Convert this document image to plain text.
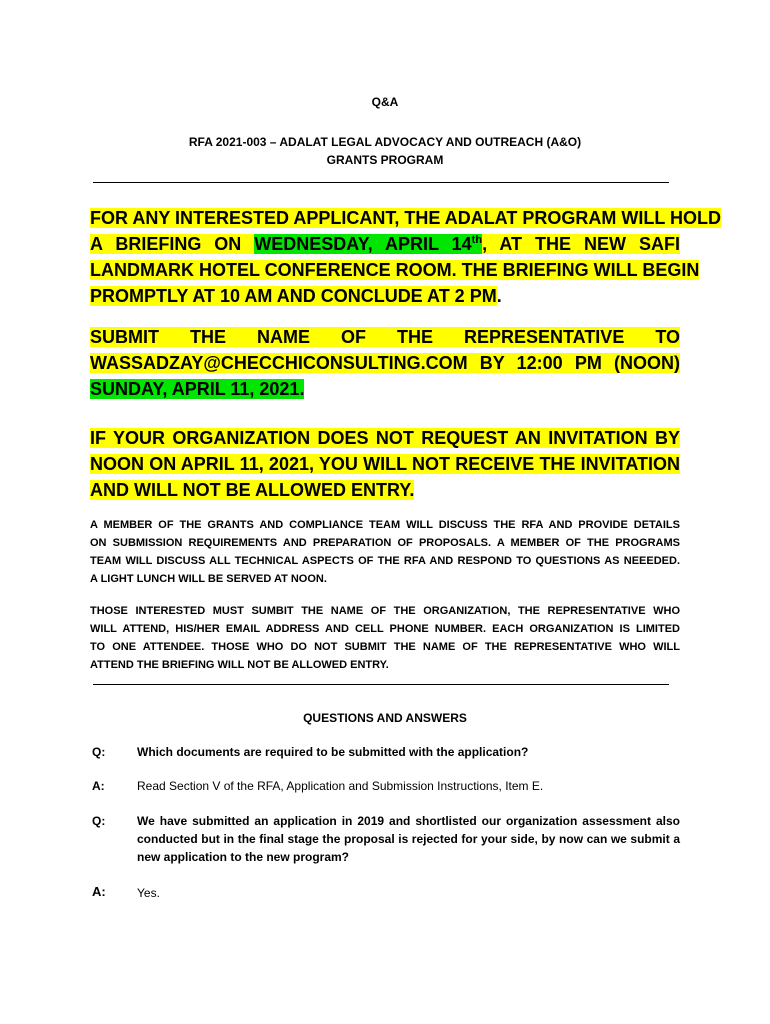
Q&A
RFA 2021-003 – ADALAT LEGAL ADVOCACY AND OUTREACH (A&O)
GRANTS PROGRAM
FOR ANY INTERESTED APPLICANT, THE ADALAT PROGRAM WILL HOLD
A BRIEFING ON WEDNESDAY, APRIL 14th, AT THE NEW SAFI
LANDMARK HOTEL CONFERENCE ROOM. THE BRIEFING WILL BEGIN
PROMPTLY AT 10 AM AND CONCLUDE AT 2 PM.
SUBMIT THE NAME OF THE REPRESENTATIVE TO
WASSADZAY@CHECCHICONSULTING.COM BY 12:00 PM (NOON)
SUNDAY, APRIL 11, 2021.
IF YOUR ORGANIZATION DOES NOT REQUEST AN INVITATION BY
NOON ON APRIL 11, 2021, YOU WILL NOT RECEIVE THE INVITATION
AND WILL NOT BE ALLOWED ENTRY.
A MEMBER OF THE GRANTS AND COMPLIANCE TEAM WILL DISCUSS THE RFA AND PROVIDE DETAILS
ON SUBMISSION REQUIREMENTS AND PREPARATION OF PROPOSALS. A MEMBER OF THE PROGRAMS
TEAM WILL DISCUSS ALL TECHNICAL ASPECTS OF THE RFA AND RESPOND TO QUESTIONS AS NEEEDED.
A LIGHT LUNCH WILL BE SERVED AT NOON.
THOSE INTERESTED MUST SUMBIT THE NAME OF THE ORGANIZATION, THE REPRESENTATIVE WHO
WILL ATTEND, HIS/HER EMAIL ADDRESS AND CELL PHONE NUMBER. EACH ORGANIZATION IS LIMITED
TO ONE ATTENDEE. THOSE WHO DO NOT SUBMIT THE NAME OF THE REPRESENTATIVE WHO WILL
ATTEND THE BRIEFING WILL NOT BE ALLOWED ENTRY.
QUESTIONS AND ANSWERS
Q:	Which documents are required to be submitted with the application?
A:	Read Section V of the RFA, Application and Submission Instructions, Item E.
Q:	We have submitted an application in 2019 and shortlisted our organization assessment also
conducted but in the final stage the proposal is rejected for your side, by now can we submit a
new application to the new program?
A:	Yes.
